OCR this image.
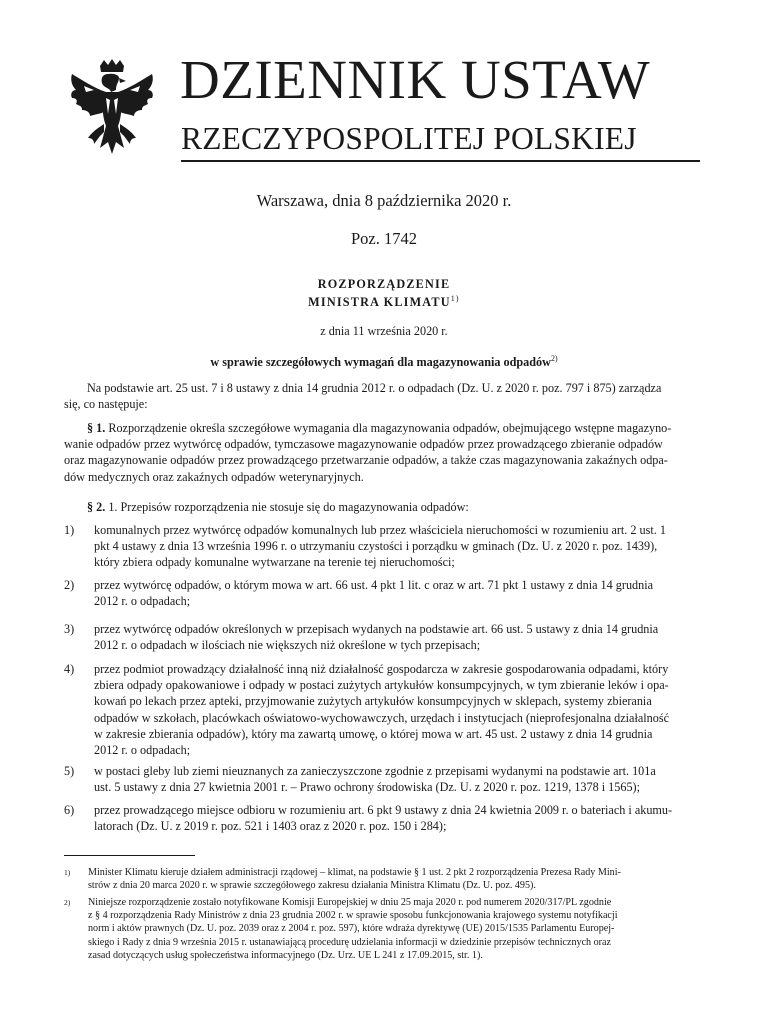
DZIENNIK USTAW
RZECZYPOSPOLITEJ POLSKIEJ
Warszawa, dnia 8 października 2020 r.
Poz. 1742
ROZPORZĄDZENIE
MINISTRA KLIMATU$^{1)}$
z dnia 11 września 2020 r.
w sprawie szczegółowych wymagań dla magazynowania odpadów$^{2)}$
Na podstawie art. 25 ust. 7 i 8 ustawy z dnia 14 grudnia 2012 r. o odpadach (Dz. U. z 2020 r. poz. 797 i 875) zarządza
się, co następuje:
§ 1. Rozporządzenie określa szczegółowe wymagania dla magazynowania odpadów, obejmującego wstępne magazyno-
wanie odpadów przez wytwórcę odpadów, tymczasowe magazynowanie odpadów przez prowadzącego zbieranie odpadów
oraz magazynowanie odpadów przez prowadzącego przetwarzanie odpadów, a także czas magazynowania zakaźnych odpa-
dów medycznych oraz zakaźnych odpadów weterynaryjnych.
§ 2. 1. Przepisów rozporządzenia nie stosuje się do magazynowania odpadów:
1)	komunalnych przez wytwórcę odpadów komunalnych lub przez właściciela nieruchomości w rozumieniu art. 2 ust. 1
pkt 4 ustawy z dnia 13 września 1996 r. o utrzymaniu czystości i porządku w gminach (Dz. U. z 2020 r. poz. 1439),
który zbiera odpady komunalne wytwarzane na terenie tej nieruchomości;
2)	przez wytwórcę odpadów, o którym mowa w art. 66 ust. 4 pkt 1 lit. c oraz w art. 71 pkt 1 ustawy z dnia 14 grudnia
2012 r. o odpadach;
3)	przez wytwórcę odpadów określonych w przepisach wydanych na podstawie art. 66 ust. 5 ustawy z dnia 14 grudnia
2012 r. o odpadach w ilościach nie większych niż określone w tych przepisach;
4)	przez podmiot prowadzący działalność inną niż działalność gospodarcza w zakresie gospodarowania odpadami, który
zbiera odpady opakowaniowe i odpady w postaci zużytych artykułów konsumpcyjnych, w tym zbieranie leków i opa-
kowań po lekach przez apteki, przyjmowanie zużytych artykułów konsumpcyjnych w sklepach, systemy zbierania
odpadów w szkołach, placówkach oświatowo-wychowawczych, urzędach i instytucjach (nieprofesjonalna działalność
w zakresie zbierania odpadów), który ma zawartą umowę, o której mowa w art. 45 ust. 2 ustawy z dnia 14 grudnia
2012 r. o odpadach;
5)	w postaci gleby lub ziemi nieuznanych za zanieczyszczone zgodnie z przepisami wydanymi na podstawie art. 101a
ust. 5 ustawy z dnia 27 kwietnia 2001 r. – Prawo ochrony środowiska (Dz. U. z 2020 r. poz. 1219, 1378 i 1565);
6)	przez prowadzącego miejsce odbioru w rozumieniu art. 6 pkt 9 ustawy z dnia 24 kwietnia 2009 r. o bateriach i akumu-
latorach (Dz. U. z 2019 r. poz. 521 i 1403 oraz z 2020 r. poz. 150 i 284);
1) Minister Klimatu kieruje działem administracji rządowej – klimat, na podstawie § 1 ust. 2 pkt 2 rozporządzenia Prezesa Rady Mini-
strów z dnia 20 marca 2020 r. w sprawie szczegółowego zakresu działania Ministra Klimatu (Dz. U. poz. 495).
2) Niniejsze rozporządzenie zostało notyfikowane Komisji Europejskiej w dniu 25 maja 2020 r. pod numerem 2020/317/PL zgodnie
z § 4 rozporządzenia Rady Ministrów z dnia 23 grudnia 2002 r. w sprawie sposobu funkcjonowania krajowego systemu notyfikacji
norm i aktów prawnych (Dz. U. poz. 2039 oraz z 2004 r. poz. 597), które wdraża dyrektywę (UE) 2015/1535 Parlamentu Europej-
skiego i Rady z dnia 9 września 2015 r. ustanawiającą procedurę udzielania informacji w dziedzinie przepisów technicznych oraz
zasad dotyczących usług społeczeństwa informacyjnego (Dz. Urz. UE L 241 z 17.09.2015, str. 1).
